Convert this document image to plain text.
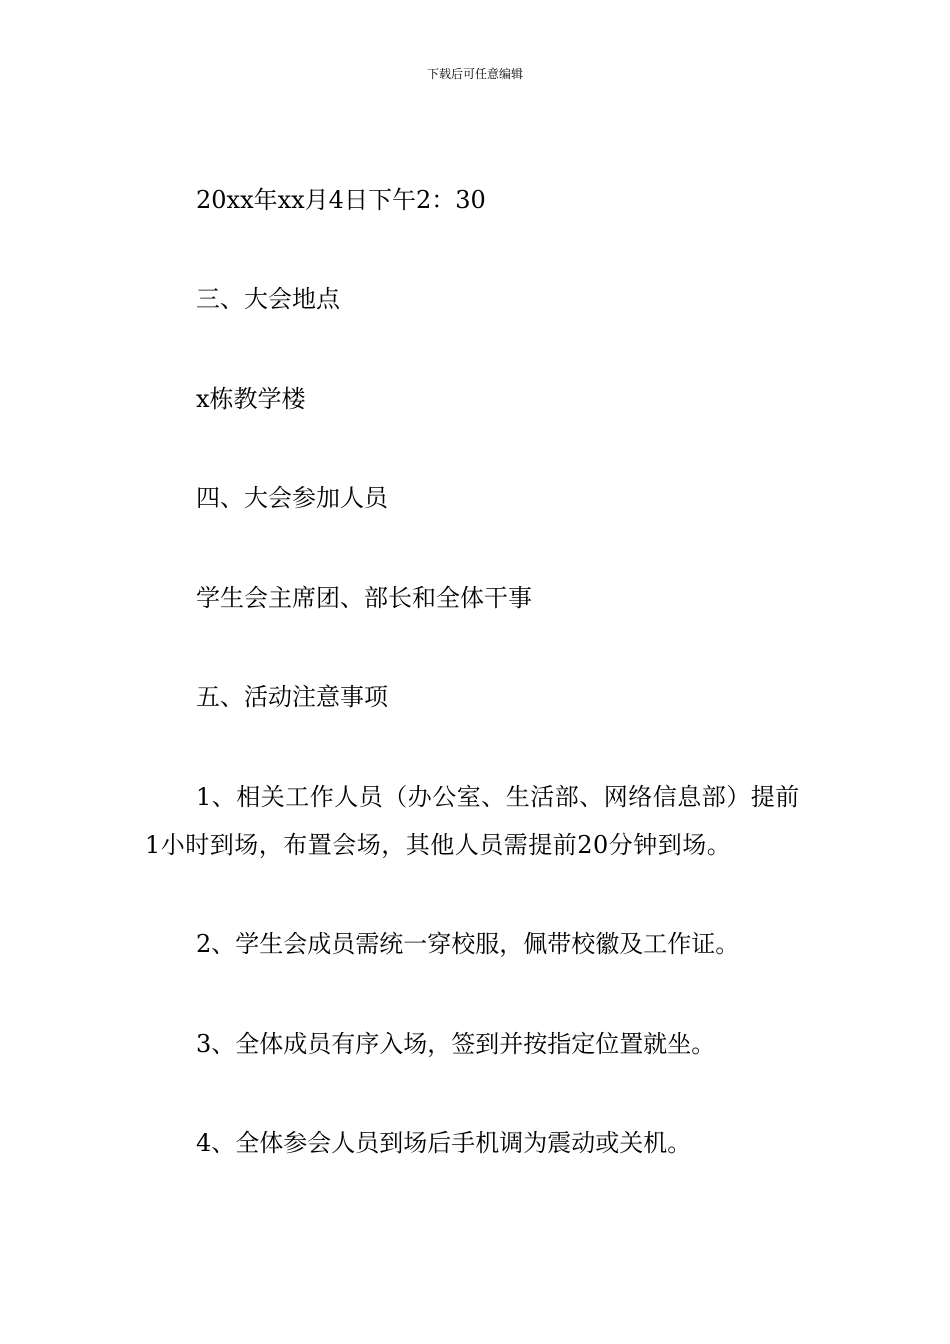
下载后可任意编辑
20xx年xx月4日下午2：30
三、大会地点
x栋教学楼
四、大会参加人员
学生会主席团、部长和全体干事
五、活动注意事项
1、相关工作人员（办公室、生活部、网络信息部）提前1小时到场，布置会场，其他人员需提前20分钟到场。
2、学生会成员需统一穿校服，佩带校徽及工作证。
3、全体成员有序入场，签到并按指定位置就坐。
4、全体参会人员到场后手机调为震动或关机。
